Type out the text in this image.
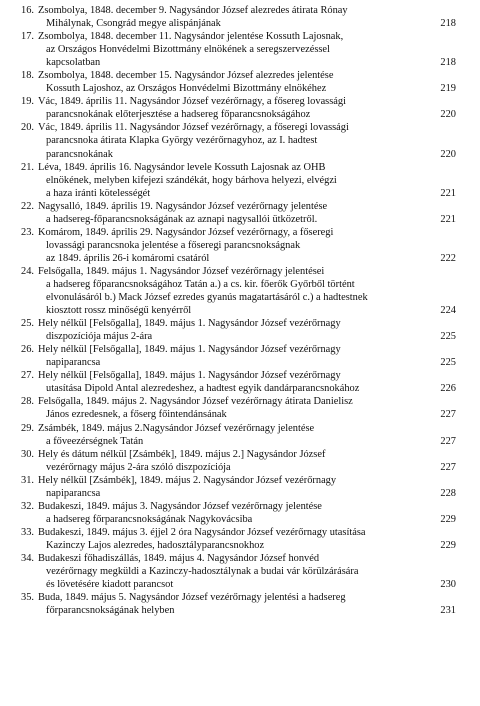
16. Zsombolya, 1848. december 9. Nagysándor József alezredes átirata Rónay
Mihálynak, Csongrád megye alispánjának	218
17. Zsombolya, 1848. december 11. Nagysándor jelentése Kossuth Lajosnak,
az Országos Honvédelmi Bizottmány elnökének a seregszervezéssel
kapcsolatban	218
18. Zsombolya, 1848. december 15. Nagysándor József alezredes jelentése
Kossuth Lajoshoz, az Országos Honvédelmi Bizottmány elnökéhez	219
19. Vác, 1849. április 11. Nagysándor József vezérőrnagy, a fősereg lovassági
parancsnokának előterjesztése a hadsereg főparancsnokságához	220
20. Vác, 1849. április 11. Nagysándor József vezérőrnagy, a főseregi lovassági
parancsnoka átirata Klapka György vezérőrnagyhoz, az I. hadtest
parancsnokának	220
21. Léva, 1849. április 16. Nagysándor levele Kossuth Lajosnak az OHB
elnökének, melyben kifejezi szándékát, hogy bárhova helyezi, elvégzi
a haza iránti kötelességét	221
22. Nagysalló, 1849. április 19. Nagysándor József vezérőrnagy jelentése
a hadsereg-főparancsnokságának az aznapi nagysallói ütközetről.	221
23. Komárom, 1849. április 29. Nagysándor József vezérőrnagy, a főseregi
lovassági parancsnoka jelentése a főseregi parancsnokságnak
az 1849. április 26-i komáromi csatáról	222
24. Felsőgalla, 1849. május 1. Nagysándor József vezérőrnagy jelentései
a hadsereg főparancsnokságához Tatán a.) a cs. kir. főerők Győrből történt
elvonulásáról b.) Mack József ezredes gyanús magatartásáról c.) a hadtestnek
kiosztott rossz minőségű kenyérről	224
25. Hely nélkül [Felsőgalla], 1849. május 1. Nagysándor József vezérőrnagy
diszpozíciója május 2-ára	225
26. Hely nélkül [Felsőgalla], 1849. május 1. Nagysándor József vezérőrnagy
napiparancsa	225
27. Hely nélkül [Felsőgalla], 1849. május 1. Nagysándor József vezérőrnagy
utasítása Dipold Antal alezredeshez, a hadtest egyik dandárparancsnokához	226
28. Felsőgalla, 1849. május 2. Nagysándor József vezérőrnagy átirata Danielisz
János ezredesnek, a főserg főintendánsának	227
29. Zsámbék, 1849. május 2.Nagysándor József vezérőrnagy jelentése
a főveezérségnek Tatán	227
30. Hely és dátum nélkül [Zsámbék], 1849. május 2.] Nagysándor József
vezérőrnagy május 2-ára szóló diszpozíciója	227
31. Hely nélkül [Zsámbék], 1849. május 2. Nagysándor József vezérőrnagy
napiparancsa	228
32. Budakeszi, 1849. május 3. Nagysándor József vezérőrnagy jelentése
a hadsereg főrparancsnokságának Nagykovácsiba	229
33. Budakeszi, 1849. május 3. éjjel 2 óra Nagysándor József vezérőrnagy utasítása
Kazinczy Lajos alezredes, hadosztályparancsnokhoz	229
34. Budakeszi főhadiszállás, 1849. május 4. Nagysándor József honvéd
vezérőrnagy megküldi a Kazinczy-hadosztálynak a budai vár körülzárására
és lövetésére kiadott parancsot	230
35. Buda, 1849. május 5. Nagysándor József vezérőrnagy jelentési a hadsereg
főrparancsnokságának helyben	231
